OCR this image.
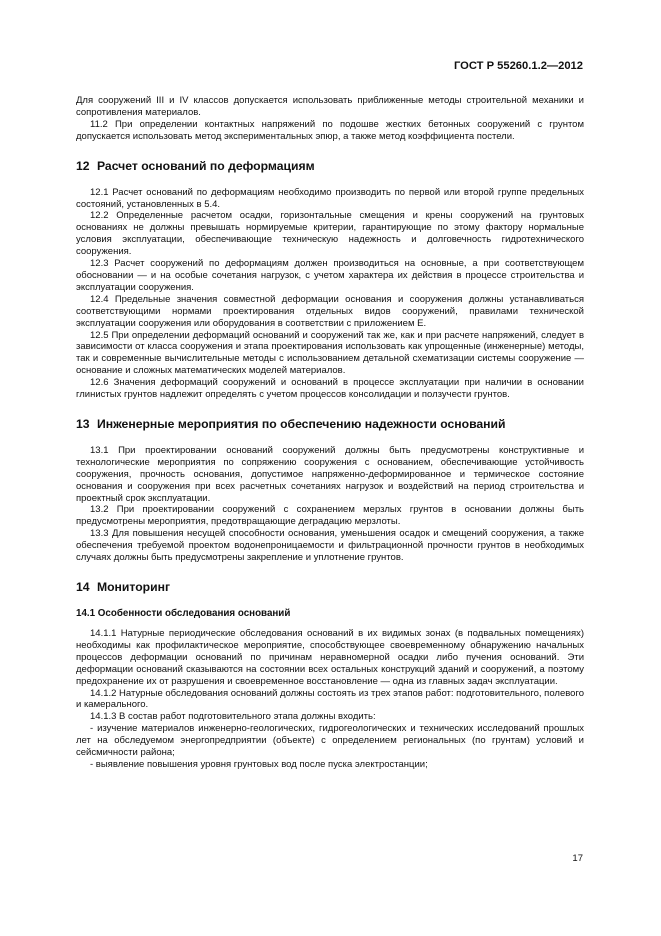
ГОСТ Р 55260.1.2—2012

Для сооружений III и IV классов допускается использовать приближенные методы строительной механики и сопротивления материалов.

11.2 При определении контактных напряжений по подошве жестких бетонных сооружений с грунтом допускается использовать метод экспериментальных эпюр, а также метод коэффициента постели.

12 Расчет оснований по деформациям

12.1 Расчет оснований по деформациям необходимо производить по первой или второй группе предельных состояний, установленных в 5.4.

12.2 Определенные расчетом осадки, горизонтальные смещения и крены сооружений на грунтовых основаниях не должны превышать нормируемые критерии, гарантирующие по этому фактору нормальные условия эксплуатации, обеспечивающие техническую надежность и долговечность гидротехнического сооружения.

12.3 Расчет сооружений по деформациям должен производиться на основные, а при соответствующем обосновании — и на особые сочетания нагрузок, с учетом характера их действия в процессе строительства и эксплуатации сооружения.

12.4 Предельные значения совместной деформации основания и сооружения должны устанавливаться соответствующими нормами проектирования отдельных видов сооружений, правилами технической эксплуатации сооружения или оборудования в соответствии с приложением Е.

12.5 При определении деформаций оснований и сооружений так же, как и при расчете напряжений, следует в зависимости от класса сооружения и этапа проектирования использовать как упрощенные (инженерные) методы, так и современные вычислительные методы с использованием детальной схематизации системы сооружение — основание и сложных математических моделей материалов.

12.6 Значения деформаций сооружений и оснований в процессе эксплуатации при наличии в основании глинистых грунтов надлежит определять с учетом процессов консолидации и ползучести грунтов.

13 Инженерные мероприятия по обеспечению надежности оснований

13.1 При проектировании оснований сооружений должны быть предусмотрены конструктивные и технологические мероприятия по сопряжению сооружения с основанием, обеспечивающие устойчивость сооружения, прочность основания, допустимое напряженно-деформированное и термическое состояние основания и сооружения при всех расчетных сочетаниях нагрузок и воздействий на период строительства и проектный срок эксплуатации.

13.2 При проектировании сооружений с сохранением мерзлых грунтов в основании должны быть предусмотрены мероприятия, предотвращающие деградацию мерзлоты.

13.3 Для повышения несущей способности основания, уменьшения осадок и смещений сооружения, а также обеспечения требуемой проектом водонепроницаемости и фильтрационной прочности грунтов в необходимых случаях должны быть предусмотрены закрепление и уплотнение грунтов.

14 Мониторинг
14.1 Особенности обследования оснований

14.1.1 Натурные периодические обследования оснований в их видимых зонах (в подвальных помещениях) необходимы как профилактическое мероприятие, способствующее своевременному обнаружению начальных процессов деформации оснований по причинам неравномерной осадки либо пучения оснований. Эти деформации оснований сказываются на состоянии всех остальных конструкций зданий и сооружений, а поэтому предохранение их от разрушения и своевременное восстановление — одна из главных задач эксплуатации.

14.1.2 Натурные обследования оснований должны состоять из трех этапов работ: подготовительного, полевого и камерального.

14.1.3 В состав работ подготовительного этапа должны входить:

- изучение материалов инженерно-геологических, гидрогеологических и технических исследований прошлых лет на обследуемом энергопредприятии (объекте) с определением региональных (по грунтам) условий и сейсмичности района;

- выявление повышения уровня грунтовых вод после пуска электростанции;

17
